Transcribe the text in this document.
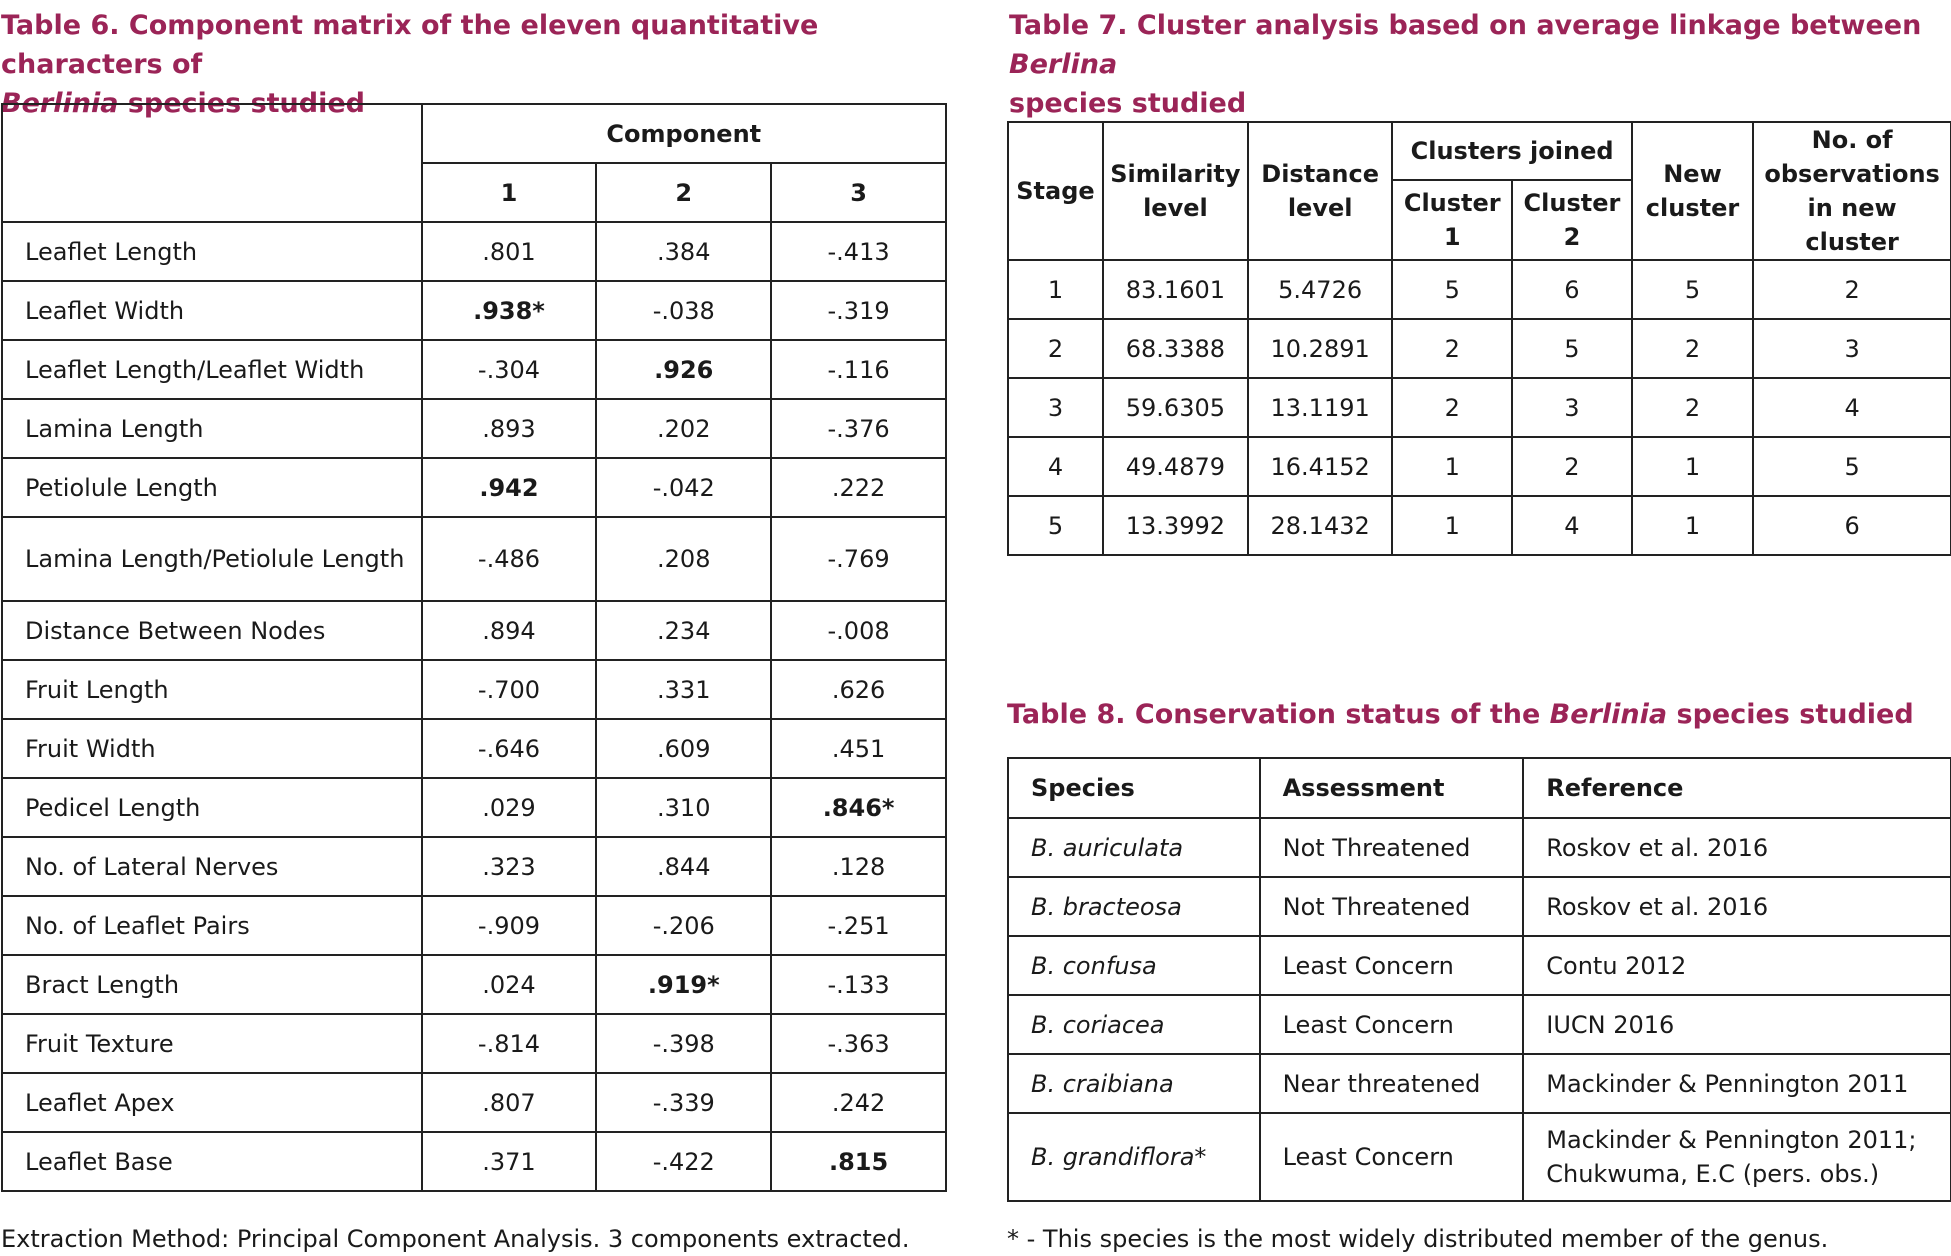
Table 6. Component matrix of the eleven quantitative characters of
Berlinia species studied

	Component		
	1	2	3
Leaflet Length	.801	.384	-.413
Leaflet Width	.938*	-.038	-.319
Leaflet Length/Leaflet Width	-.304	.926	-.116
Lamina Length	.893	.202	-.376
Petiolule Length	.942	-.042	.222
Lamina Length/Petiolule Length	-.486	.208	-.769
Distance Between Nodes	.894	.234	-.008
Fruit Length	-.700	.331	.626
Fruit Width	-.646	.609	.451
Pedicel Length	.029	.310	.846*
No. of Lateral Nerves	.323	.844	.128
No. of Leaflet Pairs	-.909	-.206	-.251
Bract Length	.024	.919*	-.133
Fruit Texture	-.814	-.398	-.363
Leaflet Apex	.807	-.339	.242
Leaflet Base	.371	-.422	.815

Extraction Method: Principal Component Analysis. 3 components extracted.

Table 7. Cluster analysis based on average linkage between Berlina
species studied

Stage	Similarity level	Distance level	Clusters joined		New cluster	No. of observations in new cluster
			Cluster 1	Cluster 2		
1	83.1601	5.4726	5	6	5	2
2	68.3388	10.2891	2	5	2	3
3	59.6305	13.1191	2	3	2	4
4	49.4879	16.4152	1	2	1	5
5	13.3992	28.1432	1	4	1	6

Table 8. Conservation status of the Berlinia species studied

Species	Assessment	Reference
B. auriculata	Not Threatened	Roskov et al. 2016
B. bracteosa	Not Threatened	Roskov et al. 2016
B. confusa	Least Concern	Contu 2012
B. coriacea	Least Concern	IUCN 2016
B. craibiana	Near threatened	Mackinder & Pennington 2011
B. grandiflora*	Least Concern	Mackinder & Pennington 2011; Chukwuma, E.C (pers. obs.)

* - This species is the most widely distributed member of the genus.
